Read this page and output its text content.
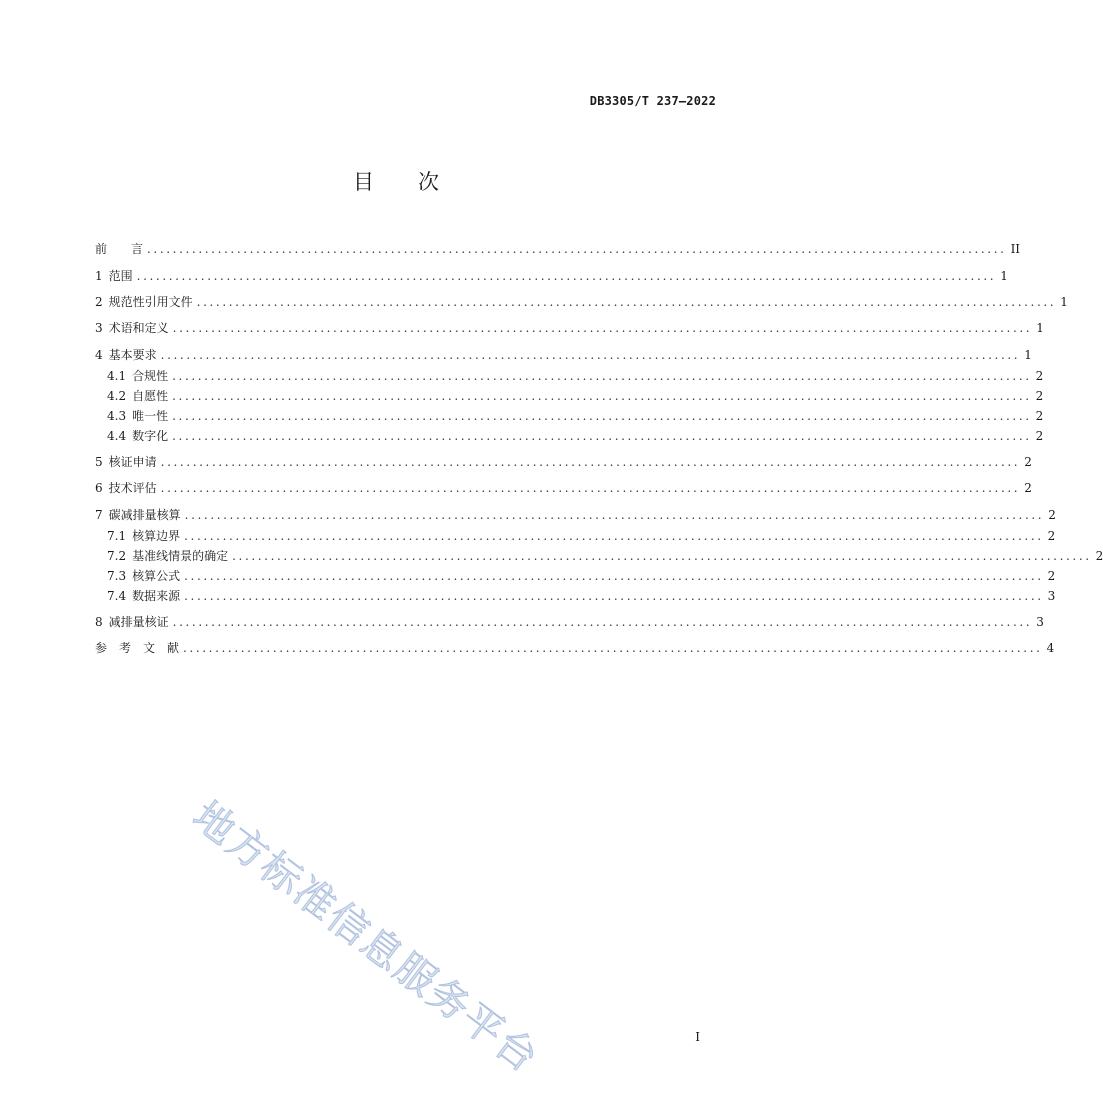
DB3305/T 237—2022
目 次
前　　言 ...................................................................................................................................... II
1 范围 ...................................................................................................................................... 1
2 规范性引用文件 ...................................................................................................................................... 1
3 术语和定义 ...................................................................................................................................... 1
4 基本要求 ...................................................................................................................................... 1
4.1 合规性 ...................................................................................................................................... 2
4.2 自愿性 ...................................................................................................................................... 2
4.3 唯一性 ...................................................................................................................................... 2
4.4 数字化 ...................................................................................................................................... 2
5 核证申请 ...................................................................................................................................... 2
6 技术评估 ...................................................................................................................................... 2
7 碳减排量核算 ...................................................................................................................................... 2
7.1 核算边界 ...................................................................................................................................... 2
7.2 基准线情景的确定 ...................................................................................................................................... 2
7.3 核算公式 ...................................................................................................................................... 2
7.4 数据来源 ...................................................................................................................................... 3
8 减排量核证 ...................................................................................................................................... 3
参　考　文　献 ...................................................................................................................................... 4
地方标准信息服务平台	I
